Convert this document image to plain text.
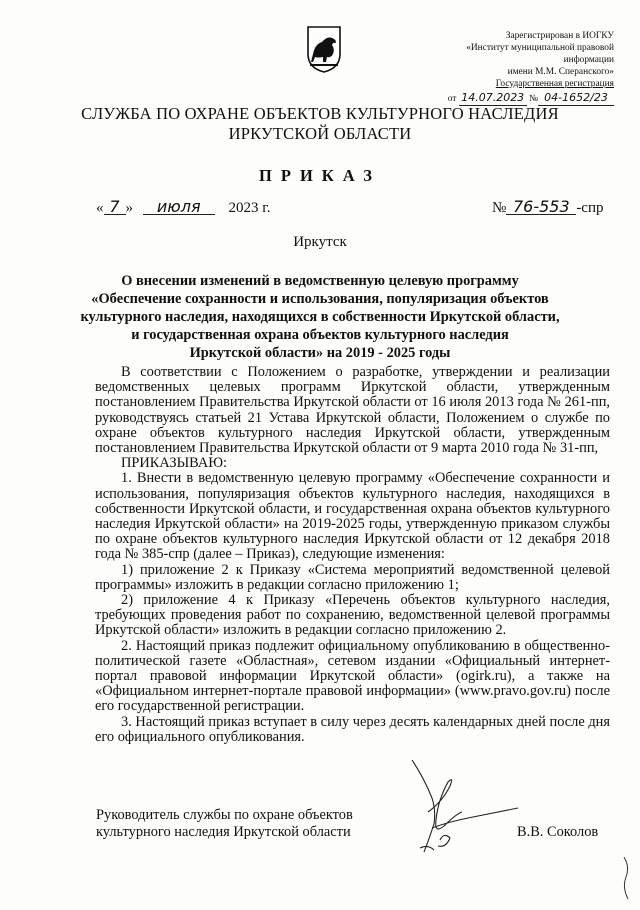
Зарегистрирован в ИОГКУ
«Институт муниципальной правовой информации
имени М.М. Сперанского»
Государственная регистрация
от 14.07.2023 № 04-1652/23
СЛУЖБА ПО ОХРАНЕ ОБЪЕКТОВ КУЛЬТУРНОГО НАСЛЕДИЯ
ИРКУТСКОЙ ОБЛАСТИ
ПРИКАЗ
« 7 » июля 2023 г.	№ 76-553 -спр
Иркутск
О внесении изменений в ведомственную целевую программу
«Обеспечение сохранности и использования, популяризация объектов
культурного наследия, находящихся в собственности Иркутской области,
и государственная охрана объектов культурного наследия
Иркутской области» на 2019 - 2025 годы

В соответствии с Положением о разработке, утверждении и реализации ведомственных целевых программ Иркутской области, утвержденным постановлением Правительства Иркутской области от 16 июля 2013 года № 261-пп, руководствуясь статьей 21 Устава Иркутской области, Положением о службе по охране объектов культурного наследия Иркутской области, утвержденным постановлением Правительства Иркутской области от 9 марта 2010 года № 31-пп,

ПРИКАЗЫВАЮ:

1. Внести в ведомственную целевую программу «Обеспечение сохранности и использования, популяризация объектов культурного наследия, находящихся в собственности Иркутской области, и государственная охрана объектов культурного наследия Иркутской области» на 2019-2025 годы, утвержденную приказом службы по охране объектов культурного наследия Иркутской области от 12 декабря 2018 года № 385-спр (далее – Приказ), следующие изменения:

1) приложение 2 к Приказу «Система мероприятий ведомственной целевой программы» изложить в редакции согласно приложению 1;

2) приложение 4 к Приказу «Перечень объектов культурного наследия, требующих проведения работ по сохранению, ведомственной целевой программы Иркутской области» изложить в редакции согласно приложению 2.

2. Настоящий приказ подлежит официальному опубликованию в общественно-политической газете «Областная», сетевом издании «Официальный интернет-портал правовой информации Иркутской области» (ogirk.ru), а также на «Официальном интернет-портале правовой информации» (www.pravo.gov.ru) после его государственной регистрации.

3. Настоящий приказ вступает в силу через десять календарных дней после дня его официального опубликования.

Руководитель службы по охране объектов
культурного наследия Иркутской области	В.В. Соколов
